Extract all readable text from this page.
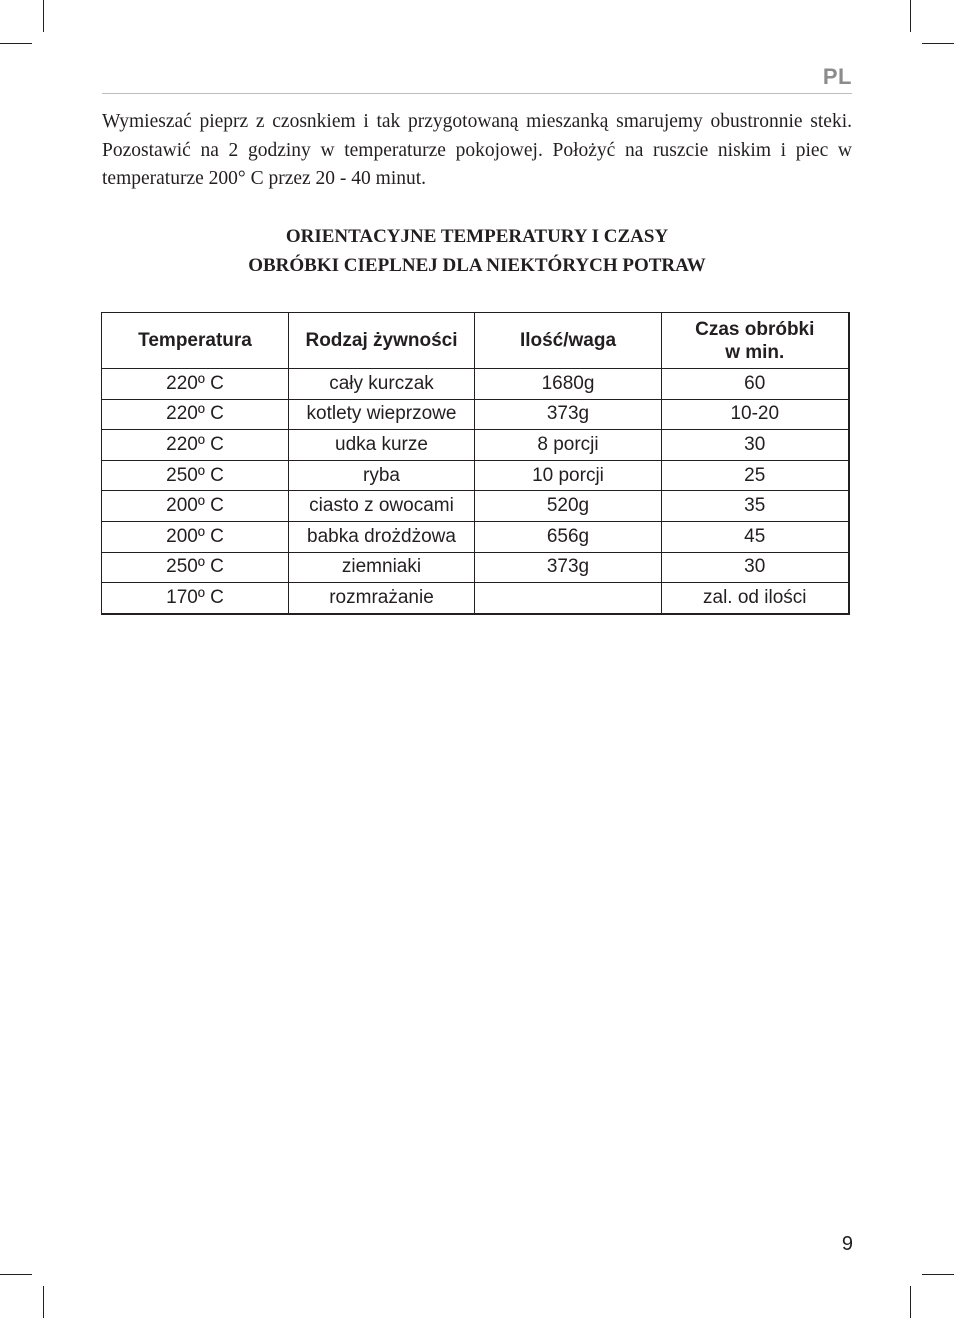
PL

Wymieszać pieprz z czosnkiem i tak przygotowaną mieszanką smarujemy obustronnie steki. Pozostawić na 2 godziny w temperaturze pokojowej. Położyć na ruszcie niskim i piec w temperaturze 200° C przez 20 - 40 minut.

ORIENTACYJNE TEMPERATURY I CZASY
OBRÓBKI CIEPLNEJ DLA NIEKTÓRYCH POTRAW
Temperatura	Rodzaj żywności	Ilość/waga	Czas obróbki
w min.
220º C	cały kurczak	1680g	60
220º C	kotlety wieprzowe	373g	10-20
220º C	udka kurze	8 porcji	30
250º C	ryba	10 porcji	25
200º C	ciasto z owocami	520g	35
200º C	babka drożdżowa	656g	45
250º C	ziemniaki	373g	30
170º C	rozmrażanie		zal. od ilości
9
